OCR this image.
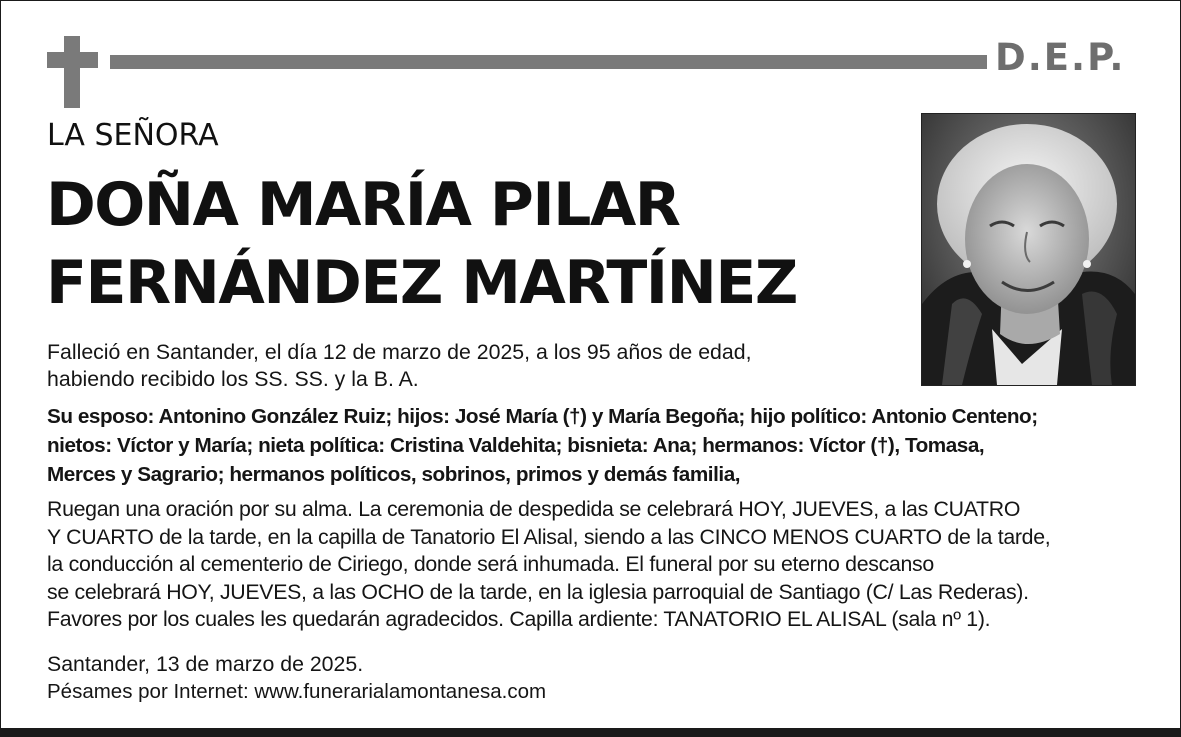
D.E.P.
LA SEÑORA
DOÑA MARÍA PILAR
FERNÁNDEZ MARTÍNEZ
Falleció en Santander, el día 12 de marzo de 2025, a los 95 años de edad,
habiendo recibido los SS. SS. y la B. A.
Su esposo: Antonino González Ruiz; hijos: José María (†) y María Begoña; hijo político: Antonio Centeno;
nietos: Víctor y María; nieta política: Cristina Valdehita; bisnieta: Ana; hermanos: Víctor (†), Tomasa,
Merces y Sagrario; hermanos políticos, sobrinos, primos y demás familia,
Ruegan una oración por su alma. La ceremonia de despedida se celebrará HOY, JUEVES, a las CUATRO
Y CUARTO de la tarde, en la capilla de Tanatorio El Alisal, siendo a las CINCO MENOS CUARTO de la tarde,
la conducción al cementerio de Ciriego, donde será inhumada. El funeral por su eterno descanso
se celebrará HOY, JUEVES, a las OCHO de la tarde, en la iglesia parroquial de Santiago (C/ Las Rederas).
Favores por los cuales les quedarán agradecidos. Capilla ardiente: TANATORIO EL ALISAL (sala nº 1).
Santander, 13 de marzo de 2025.
Pésames por Internet: www.funerarialamontanesa.com
